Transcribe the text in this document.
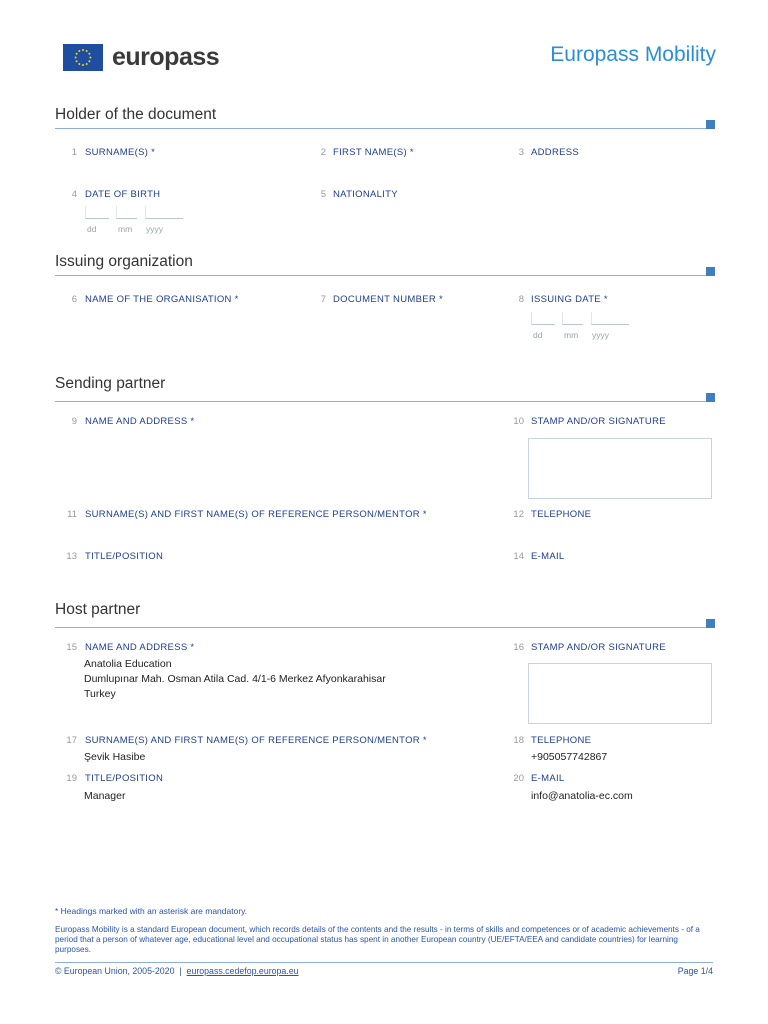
europass	Europass Mobility
Holder of the document
1 SURNAME(S) *	2 FIRST NAME(S) *	3 ADDRESS
4 DATE OF BIRTH	5 NATIONALITY
dd	mm yyyy
Issuing organization
6 NAME OF THE ORGANISATION *	7 DOCUMENT NUMBER *	8 ISSUING DATE *
dd	mm yyyy
Sending partner
9 NAME AND ADDRESS *	10 STAMP AND/OR SIGNATURE
11 SURNAME(S) AND FIRST NAME(S) OF REFERENCE PERSON/MENTOR *	12 TELEPHONE
13 TITLE/POSITION	14 E-MAIL
Host partner
15 NAME AND ADDRESS *
Anatolia Education
Dumlupınar Mah. Osman Atila Cad. 4/1-6 Merkez Afyonkarahisar
Turkey
16 STAMP AND/OR SIGNATURE
17 SURNAME(S) AND FIRST NAME(S) OF REFERENCE PERSON/MENTOR *
Şevik Hasibe
18 TELEPHONE
+905057742867
19 TITLE/POSITION
Manager
20 E-MAIL
info@anatolia-ec.com
* Headings marked with an asterisk are mandatory.
Europass Mobility is a standard European document, which records details of the contents and the results - in terms of skills and competences or of academic achievements - of a period that a person of whatever age, educational level and occupational status has spent in another European country (UE/EFTA/EEA and candidate countries) for learning purposes.
© European Union, 2005-2020 | europass.cedefop.europa.eu	Page 1/4
